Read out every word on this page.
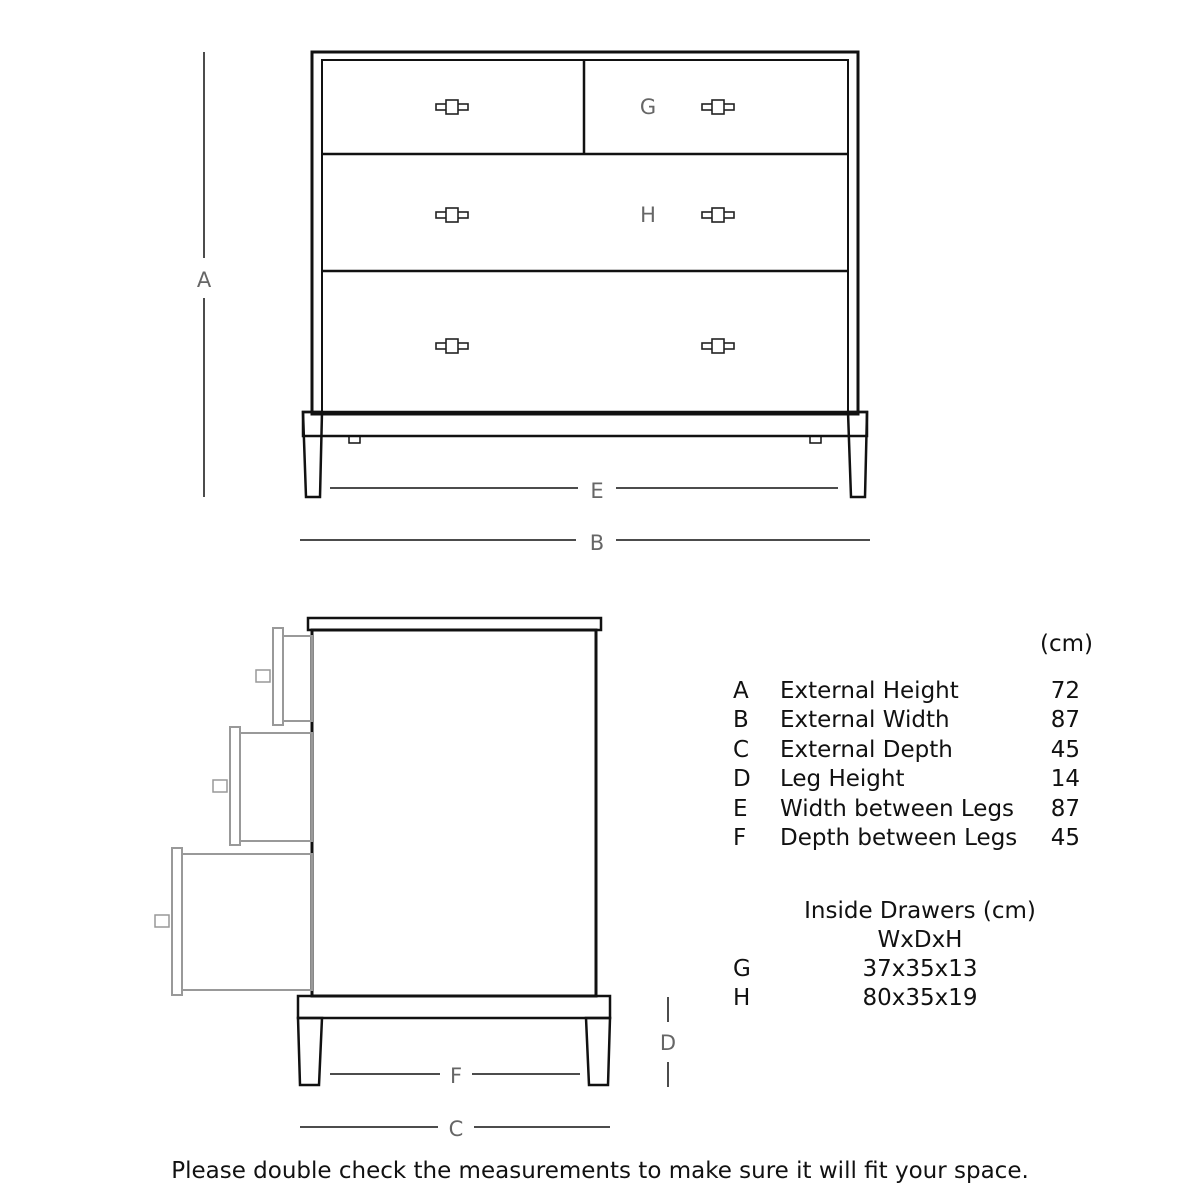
G
H
A
E
B
D
F
C
(cm)
A External Height	72
B External Width	87
C External Depth	45
D Leg Height	14
E	Width between Legs	87
F	Depth between Legs	45
Inside Drawers (cm)
WxDxH
G	37x35x13
H	80x35x19
Please double check the measurements to make sure it will fit your space.
